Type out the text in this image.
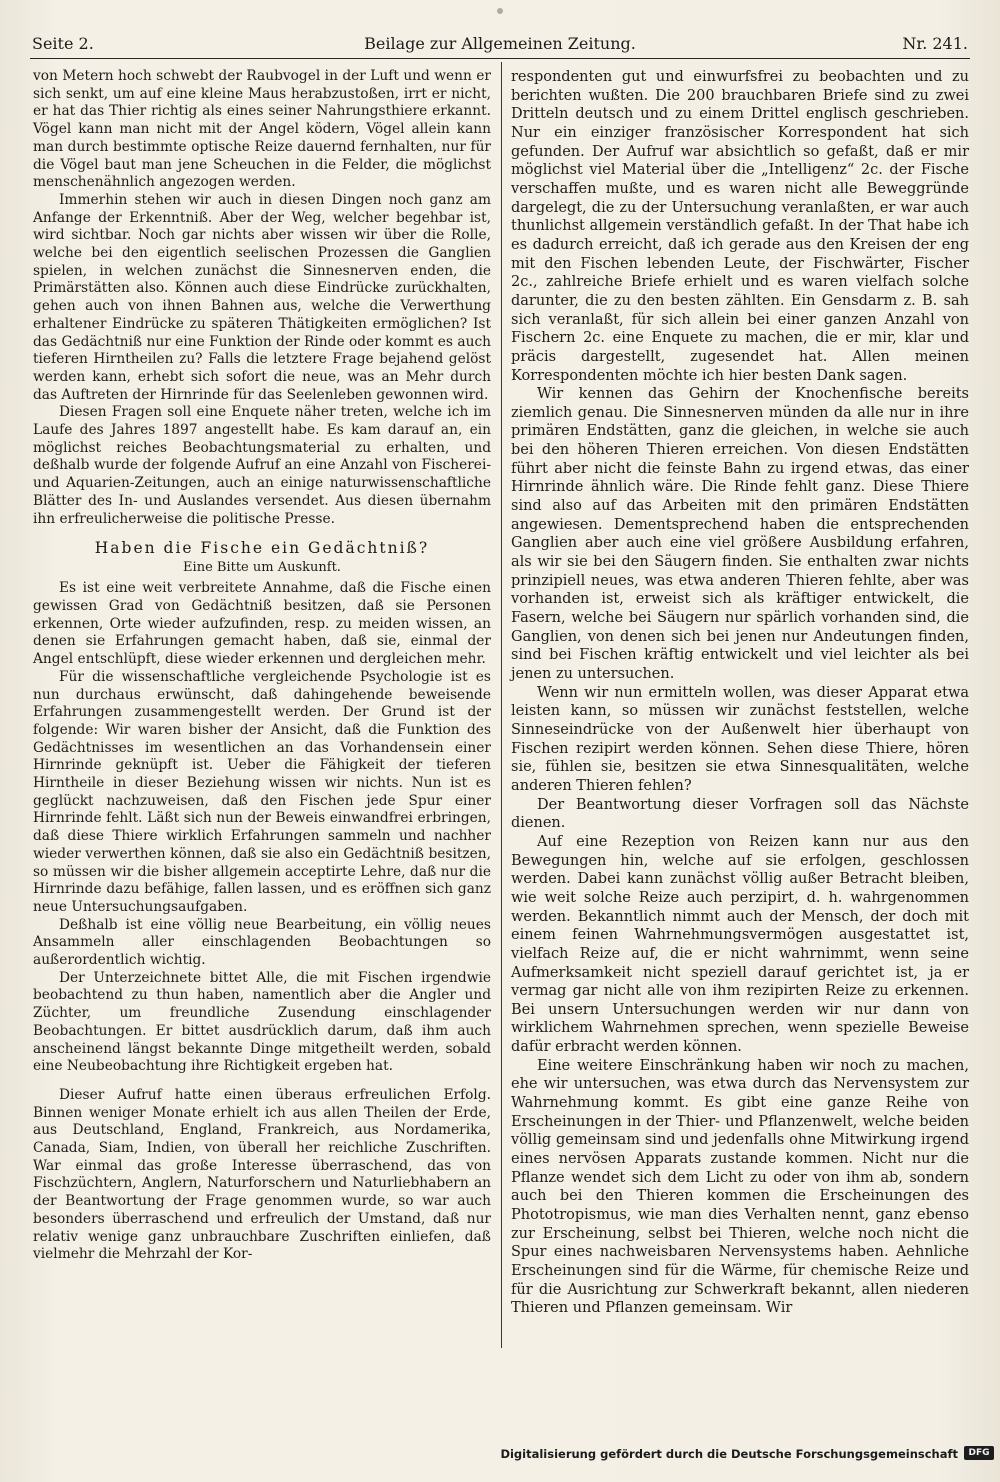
Seite 2.	Beilage zur Allgemeinen Zeitung.	Nr. 241.

von Metern hoch schwebt der Raubvogel in der Luft und wenn er sich senkt, um auf eine kleine Maus herabzustoßen, irrt er nicht, er hat das Thier richtig als eines seiner Nahrungsthiere erkannt. Vögel kann man nicht mit der Angel ködern, Vögel allein kann man durch bestimmte optische Reize dauernd fernhalten, nur für die Vögel baut man jene Scheuchen in die Felder, die möglichst menschenähnlich angezogen werden.

Immerhin stehen wir auch in diesen Dingen noch ganz am Anfange der Erkenntniß. Aber der Weg, welcher begehbar ist, wird sichtbar. Noch gar nichts aber wissen wir über die Rolle, welche bei den eigentlich seelischen Prozessen die Ganglien spielen, in welchen zunächst die Sinnesnerven enden, die Primärstätten also. Können auch diese Eindrücke zurückhalten, gehen auch von ihnen Bahnen aus, welche die Verwerthung erhaltener Eindrücke zu späteren Thätigkeiten ermöglichen? Ist das Gedächtniß nur eine Funktion der Rinde oder kommt es auch tieferen Hirntheilen zu? Falls die letztere Frage bejahend gelöst werden kann, erhebt sich sofort die neue, was an Mehr durch das Auftreten der Hirnrinde für das Seelenleben gewonnen wird.

Diesen Fragen soll eine Enquete näher treten, welche ich im Laufe des Jahres 1897 angestellt habe. Es kam darauf an, ein möglichst reiches Beobachtungsmaterial zu erhalten, und deßhalb wurde der folgende Aufruf an eine Anzahl von Fischerei- und Aquarien-Zeitungen, auch an einige naturwissenschaftliche Blätter des In- und Auslandes versendet. Aus diesen übernahm ihn erfreulicherweise die politische Presse.

Haben die Fische ein Gedächtniß?
Eine Bitte um Auskunft.

Es ist eine weit verbreitete Annahme, daß die Fische einen gewissen Grad von Gedächtniß besitzen, daß sie Personen erkennen, Orte wieder aufzufinden, resp. zu meiden wissen, an denen sie Erfahrungen gemacht haben, daß sie, einmal der Angel entschlüpft, diese wieder erkennen und dergleichen mehr.

Für die wissenschaftliche vergleichende Psychologie ist es nun durchaus erwünscht, daß dahingehende beweisende Erfahrungen zusammengestellt werden. Der Grund ist der folgende: Wir waren bisher der Ansicht, daß die Funktion des Gedächtnisses im wesentlichen an das Vorhandensein einer Hirnrinde geknüpft ist. Ueber die Fähigkeit der tieferen Hirntheile in dieser Beziehung wissen wir nichts. Nun ist es geglückt nachzuweisen, daß den Fischen jede Spur einer Hirnrinde fehlt. Läßt sich nun der Beweis einwandfrei erbringen, daß diese Thiere wirklich Erfahrungen sammeln und nachher wieder verwerthen können, daß sie also ein Gedächtniß besitzen, so müssen wir die bisher allgemein acceptirte Lehre, daß nur die Hirnrinde dazu befähige, fallen lassen, und es eröffnen sich ganz neue Untersuchungsaufgaben.

Deßhalb ist eine völlig neue Bearbeitung, ein völlig neues Ansammeln aller einschlagenden Beobachtungen so außerordentlich wichtig.

Der Unterzeichnete bittet Alle, die mit Fischen irgendwie beobachtend zu thun haben, namentlich aber die Angler und Züchter, um freundliche Zusendung einschlagender Beobachtungen. Er bittet ausdrücklich darum, daß ihm auch anscheinend längst bekannte Dinge mitgetheilt werden, sobald eine Neubeobachtung ihre Richtigkeit ergeben hat.

Dieser Aufruf hatte einen überaus erfreulichen Erfolg. Binnen weniger Monate erhielt ich aus allen Theilen der Erde, aus Deutschland, England, Frankreich, aus Nordamerika, Canada, Siam, Indien, von überall her reichliche Zuschriften. War einmal das große Interesse überraschend, das von Fischzüchtern, Anglern, Naturforschern und Naturliebhabern an der Beantwortung der Frage genommen wurde, so war auch besonders überraschend und erfreulich der Umstand, daß nur relativ wenige ganz unbrauchbare Zuschriften einliefen, daß vielmehr die Mehrzahl der Kor-

respondenten gut und einwurfsfrei zu beobachten und zu berichten wußten. Die 200 brauchbaren Briefe sind zu zwei Dritteln deutsch und zu einem Drittel englisch geschrieben. Nur ein einziger französischer Korrespondent hat sich gefunden. Der Aufruf war absichtlich so gefaßt, daß er mir möglichst viel Material über die „Intelligenz“ 2c. der Fische verschaffen mußte, und es waren nicht alle Beweggründe dargelegt, die zu der Untersuchung veranlaßten, er war auch thunlichst allgemein verständlich gefaßt. In der That habe ich es dadurch erreicht, daß ich gerade aus den Kreisen der eng mit den Fischen lebenden Leute, der Fischwärter, Fischer 2c., zahlreiche Briefe erhielt und es waren vielfach solche darunter, die zu den besten zählten. Ein Gensdarm z. B. sah sich veranlaßt, für sich allein bei einer ganzen Anzahl von Fischern 2c. eine Enquete zu machen, die er mir, klar und präcis dargestellt, zugesendet hat. Allen meinen Korrespondenten möchte ich hier besten Dank sagen.

Wir kennen das Gehirn der Knochenfische bereits ziemlich genau. Die Sinnesnerven münden da alle nur in ihre primären Endstätten, ganz die gleichen, in welche sie auch bei den höheren Thieren erreichen. Von diesen Endstätten führt aber nicht die feinste Bahn zu irgend etwas, das einer Hirnrinde ähnlich wäre. Die Rinde fehlt ganz. Diese Thiere sind also auf das Arbeiten mit den primären Endstätten angewiesen. Dementsprechend haben die entsprechenden Ganglien aber auch eine viel größere Ausbildung erfahren, als wir sie bei den Säugern finden. Sie enthalten zwar nichts prinzipiell neues, was etwa anderen Thieren fehlte, aber was vorhanden ist, erweist sich als kräftiger entwickelt, die Fasern, welche bei Säugern nur spärlich vorhanden sind, die Ganglien, von denen sich bei jenen nur Andeutungen finden, sind bei Fischen kräftig entwickelt und viel leichter als bei jenen zu untersuchen.

Wenn wir nun ermitteln wollen, was dieser Apparat etwa leisten kann, so müssen wir zunächst feststellen, welche Sinneseindrücke von der Außenwelt hier überhaupt von Fischen rezipirt werden können. Sehen diese Thiere, hören sie, fühlen sie, besitzen sie etwa Sinnesqualitäten, welche anderen Thieren fehlen?

Der Beantwortung dieser Vorfragen soll das Nächste dienen.

Auf eine Rezeption von Reizen kann nur aus den Bewegungen hin, welche auf sie erfolgen, geschlossen werden. Dabei kann zunächst völlig außer Betracht bleiben, wie weit solche Reize auch perzipirt, d. h. wahrgenommen werden. Bekanntlich nimmt auch der Mensch, der doch mit einem feinen Wahrnehmungsvermögen ausgestattet ist, vielfach Reize auf, die er nicht wahrnimmt, wenn seine Aufmerksamkeit nicht speziell darauf gerichtet ist, ja er vermag gar nicht alle von ihm rezipirten Reize zu erkennen. Bei unsern Untersuchungen werden wir nur dann von wirklichem Wahrnehmen sprechen, wenn spezielle Beweise dafür erbracht werden können.

Eine weitere Einschränkung haben wir noch zu machen, ehe wir untersuchen, was etwa durch das Nervensystem zur Wahrnehmung kommt. Es gibt eine ganze Reihe von Erscheinungen in der Thier- und Pflanzenwelt, welche beiden völlig gemeinsam sind und jedenfalls ohne Mitwirkung irgend eines nervösen Apparats zustande kommen. Nicht nur die Pflanze wendet sich dem Licht zu oder von ihm ab, sondern auch bei den Thieren kommen die Erscheinungen des Phototropismus, wie man dies Verhalten nennt, ganz ebenso zur Erscheinung, selbst bei Thieren, welche noch nicht die Spur eines nachweisbaren Nervensystems haben. Aehnliche Erscheinungen sind für die Wärme, für chemische Reize und für die Ausrichtung zur Schwerkraft bekannt, allen niederen Thieren und Pflanzen gemeinsam. Wir

Digitalisierung gefördert durch die Deutsche Forschungsgemeinschaft	DFG
